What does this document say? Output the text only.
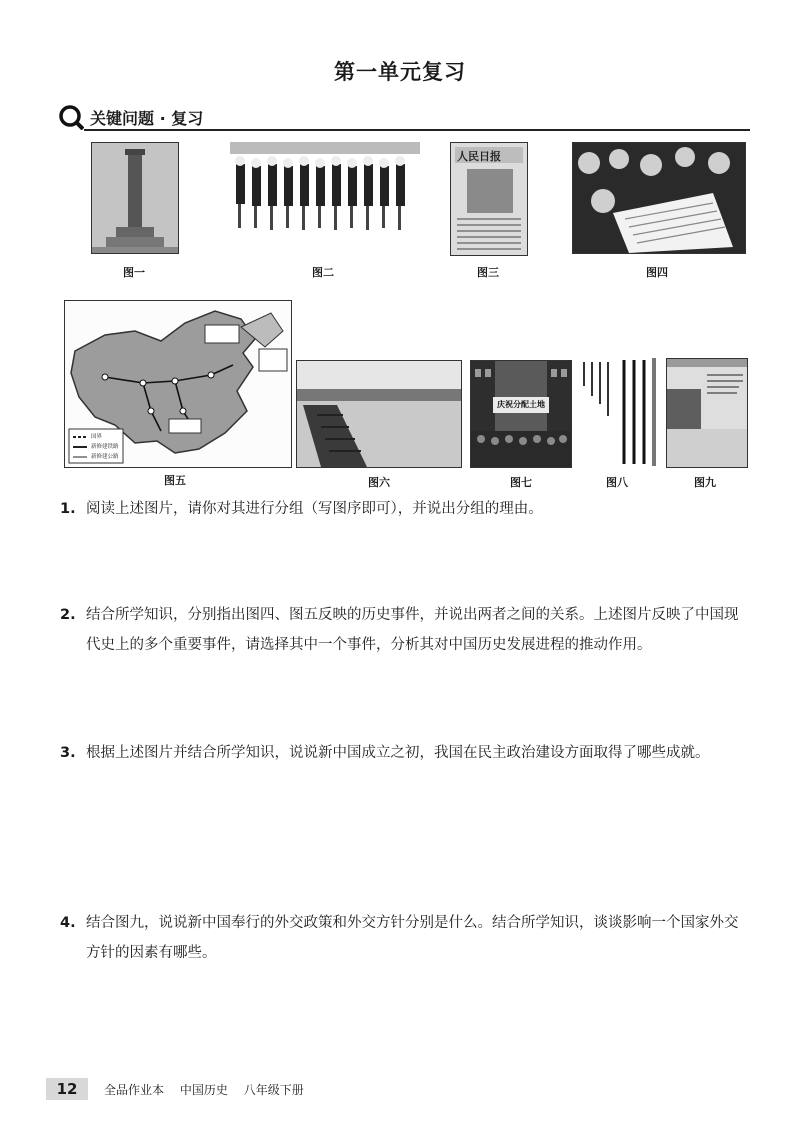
第一单元复习
关键问题 · 复习
图一	图二
人民日报
图三	图四
国界
新修建铁路
新修建公路
图五	图六
庆祝分配土地
图七	图八	图九
1. 阅读上述图片，请你对其进行分组（写图序即可），并说出分组的理由。
2. 结合所学知识，分别指出图四、图五反映的历史事件，并说出两者之间的关系。上述图片反映了中国现代史上的多个重要事件，请选择其中一个事件，分析其对中国历史发展进程的推动作用。
3. 根据上述图片并结合所学知识，说说新中国成立之初，我国在民主政治建设方面取得了哪些成就。
4. 结合图九，说说新中国奉行的外交政策和外交方针分别是什么。结合所学知识，谈谈影响一个国家外交方针的因素有哪些。
12	全品作业本 中国历史 八年级下册
